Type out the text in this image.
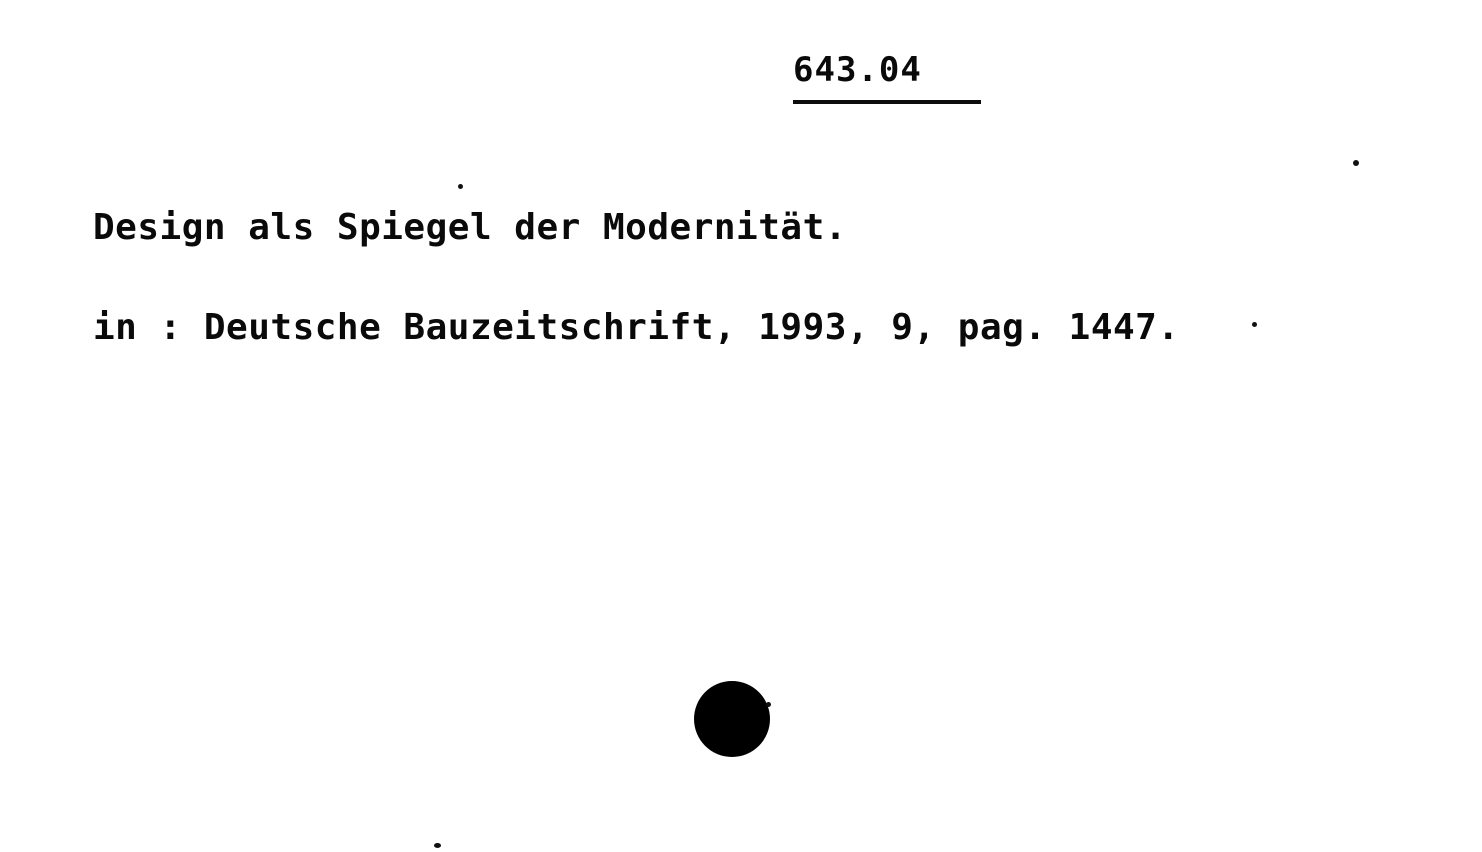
643.04
Design als Spiegel der Modernität.
in : Deutsche Bauzeitschrift, 1993, 9, pag. 1447.
